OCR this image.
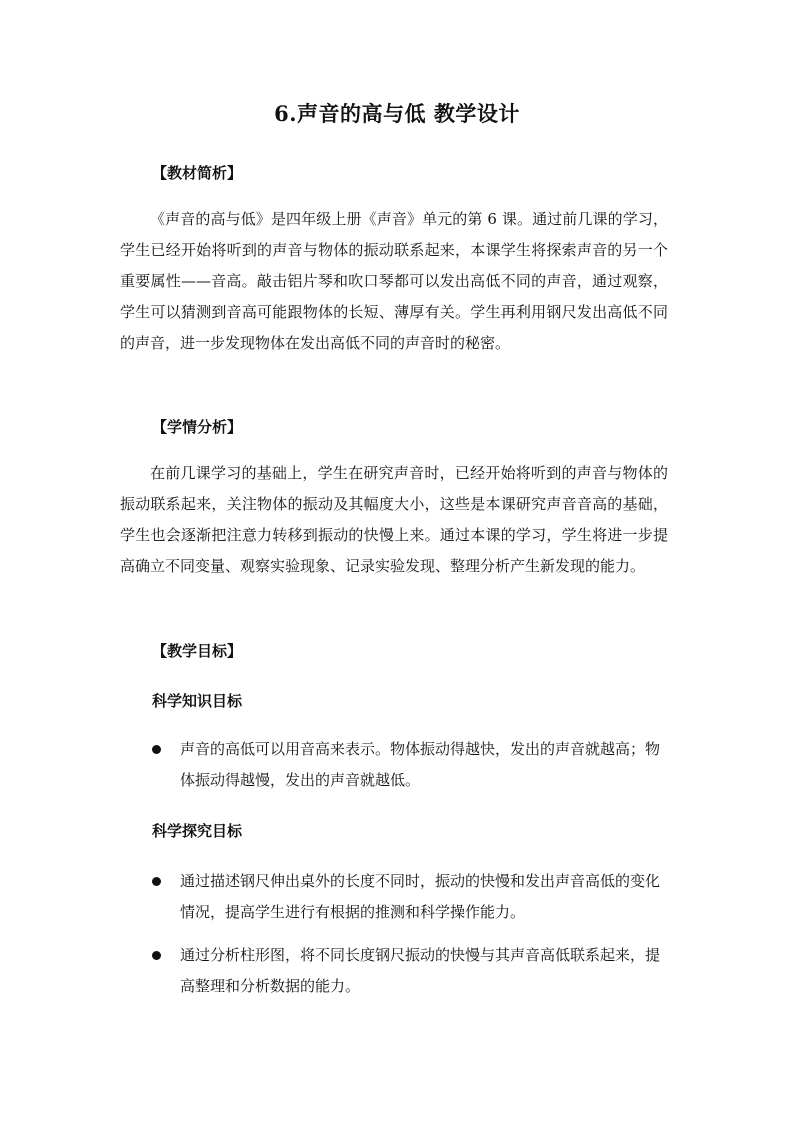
6.声音的高与低 教学设计
【教材简析】
《声音的高与低》是四年级上册《声音》单元的第 6 课。通过前几课的学习，学生已经开始将听到的声音与物体的振动联系起来，本课学生将探索声音的另一个重要属性——音高。敲击铝片琴和吹口琴都可以发出高低不同的声音，通过观察，学生可以猜测到音高可能跟物体的长短、薄厚有关。学生再利用钢尺发出高低不同的声音，进一步发现物体在发出高低不同的声音时的秘密。
【学情分析】
在前几课学习的基础上，学生在研究声音时，已经开始将听到的声音与物体的振动联系起来，关注物体的振动及其幅度大小，这些是本课研究声音音高的基础，学生也会逐渐把注意力转移到振动的快慢上来。通过本课的学习，学生将进一步提高确立不同变量、观察实验现象、记录实验发现、整理分析产生新发现的能力。
【教学目标】
科学知识目标
声音的高低可以用音高来表示。物体振动得越快，发出的声音就越高；物体振动得越慢，发出的声音就越低。
科学探究目标
通过描述钢尺伸出桌外的长度不同时，振动的快慢和发出声音高低的变化情况，提高学生进行有根据的推测和科学操作能力。
通过分析柱形图，将不同长度钢尺振动的快慢与其声音高低联系起来，提高整理和分析数据的能力。
